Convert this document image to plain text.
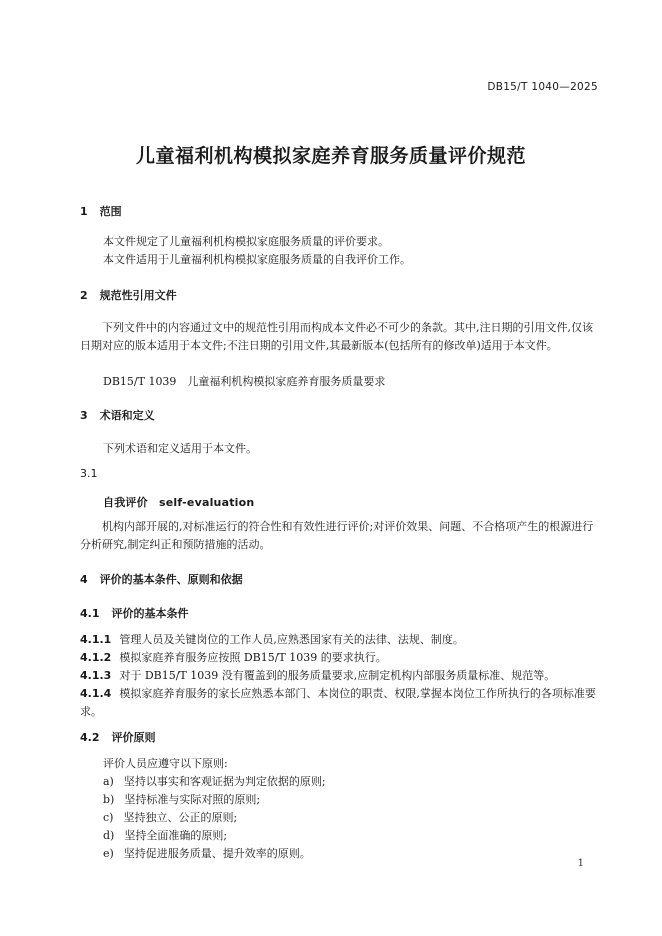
DB15/T 1040—2025
儿童福利机构模拟家庭养育服务质量评价规范
1 范围
本文件规定了儿童福利机构模拟家庭服务质量的评价要求。
本文件适用于儿童福利机构模拟家庭服务质量的自我评价工作。
2 规范性引用文件
下列文件中的内容通过文中的规范性引用而构成本文件必不可少的条款。其中,注日期的引用文件,仅该日期对应的版本适用于本文件;不注日期的引用文件,其最新版本(包括所有的修改单)适用于本文件。
DB15/T 1039　儿童福利机构模拟家庭养育服务质量要求
3 术语和定义
下列术语和定义适用于本文件。
3.1
自我评价　self-evaluation
机构内部开展的,对标准运行的符合性和有效性进行评价;对评价效果、问题、不合格项产生的根源进行分析研究,制定纠正和预防措施的活动。
4 评价的基本条件、原则和依据
4.1 评价的基本条件
4.1.1 管理人员及关键岗位的工作人员,应熟悉国家有关的法律、法规、制度。
4.1.2 模拟家庭养育服务应按照 DB15/T 1039 的要求执行。
4.1.3 对于 DB15/T 1039 没有覆盖到的服务质量要求,应制定机构内部服务质量标准、规范等。
4.1.4 模拟家庭养育服务的家长应熟悉本部门、本岗位的职责、权限,掌握本岗位工作所执行的各项标准要求。
4.2 评价原则
评价人员应遵守以下原则:
a) 坚持以事实和客观证据为判定依据的原则;
b) 坚持标准与实际对照的原则;
c) 坚持独立、公正的原则;
d) 坚持全面准确的原则;
e) 坚持促进服务质量、提升效率的原则。
1
